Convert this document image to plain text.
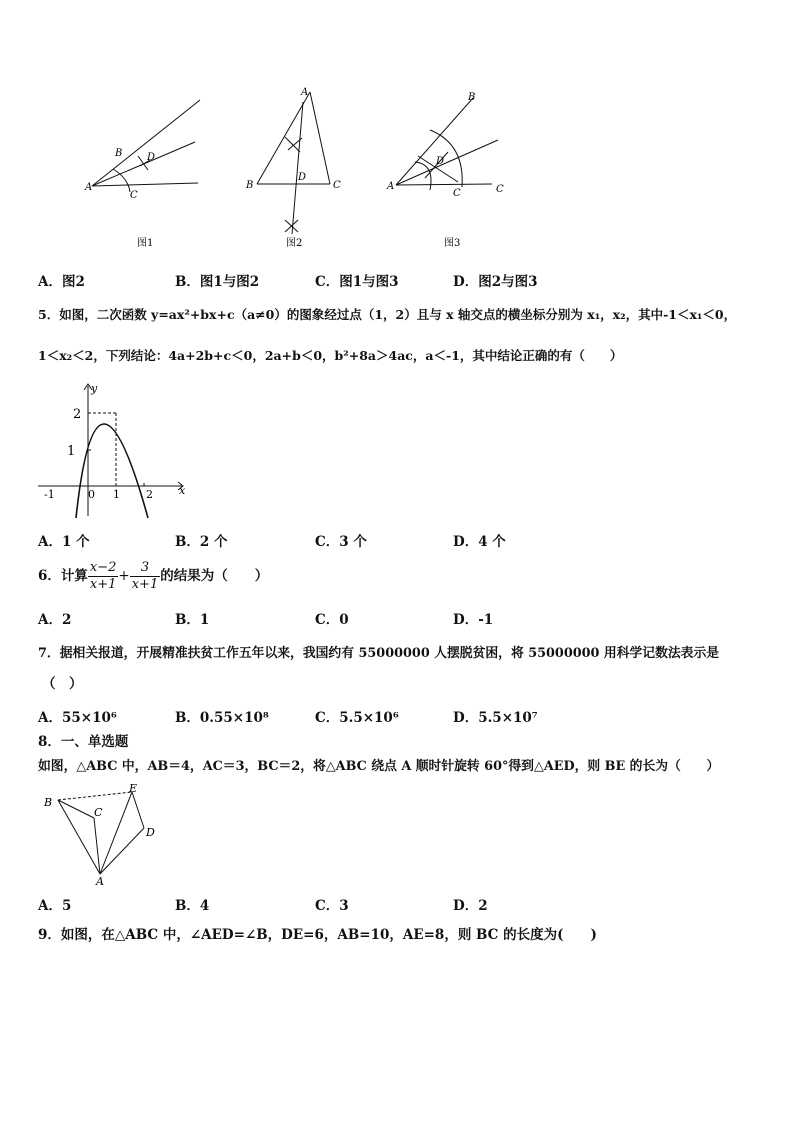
A
B D
C
图1
A
B
D
C
图2
A
B
D
C	C
图3
A．图2	B．图1与图2	C．图1与图3	D．图2与图3
5．如图，二次函数 y=ax²+bx+c（a≠0）的图象经过点（1，2）且与 x 轴交点的横坐标分别为 x₁，x₂，其中-1＜x₁＜0，
1＜x₂＜2，下列结论：4a+2b+c＜0，2a+b＜0，b²+8a＞4ac，a＜-1，其中结论正确的有（　　）
y
x
2
1
-1	0 1 2
A．1 个	B．2 个	C．3 个	D．4 个
6．计算 $\frac{x-2}{x+1} + \frac{3}{x+1}$ 的结果为（　　）
A．2	B．1	C．0	D．-1
7．据相关报道，开展精准扶贫工作五年以来，我国约有 55000000 人摆脱贫困，将 55000000 用科学记数法表示是
（　）
A．55×10⁶	B．0.55×10⁸	C．5.5×10⁶	D．5.5×10⁷
8．一、单选题
如图，△ABC 中，AB＝4，AC＝3，BC＝2，将△ABC 绕点 A 顺时针旋转 60°得到△AED，则 BE 的长为（　　）
B
C
E
D
A
A．5	B．4	C．3	D．2
9．如图，在△ABC 中，∠AED=∠B，DE=6，AB=10，AE=8，则 BC 的长度为(　　)
